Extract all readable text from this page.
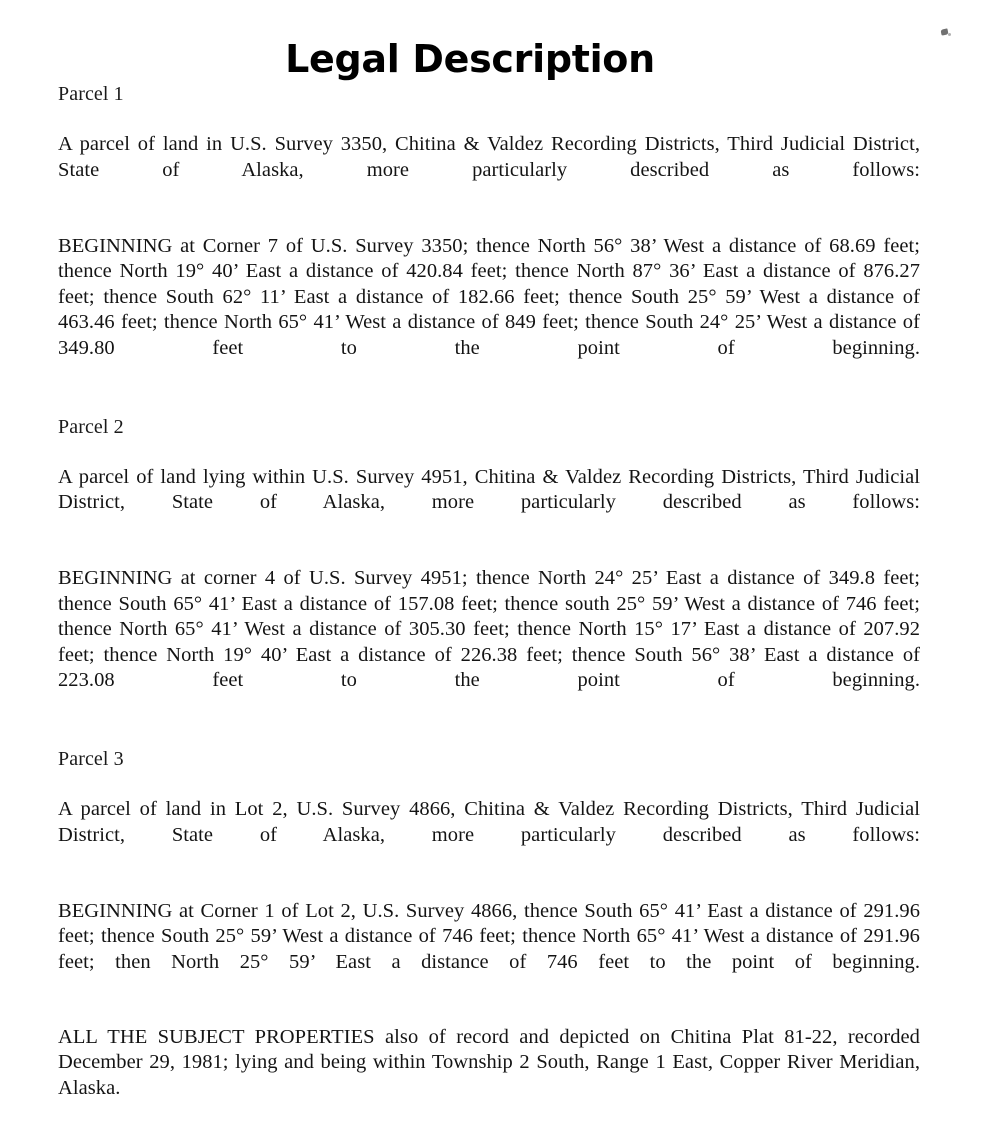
Legal Description
Parcel 1
A parcel of land in U.S. Survey 3350, Chitina & Valdez Recording Districts, Third Judicial District, State of Alaska, more particularly described as follows:
BEGINNING at Corner 7 of U.S. Survey 3350; thence North 56° 38’ West a distance of 68.69 feet; thence North 19° 40’ East a distance of 420.84 feet; thence North 87° 36’ East a distance of 876.27 feet; thence South 62° 11’ East a distance of 182.66 feet; thence South 25° 59’ West a distance of 463.46 feet; thence North 65° 41’ West a distance of 849 feet; thence South 24° 25’ West a distance of 349.80 feet to the point of beginning.
Parcel 2
A parcel of land lying within U.S. Survey 4951, Chitina & Valdez Recording Districts, Third Judicial District, State of Alaska, more particularly described as follows:
BEGINNING at corner 4 of U.S. Survey 4951; thence North 24° 25’ East a distance of 349.8 feet; thence South 65° 41’ East a distance of 157.08 feet; thence south 25° 59’ West a distance of 746 feet; thence North 65° 41’ West a distance of 305.30 feet; thence North 15° 17’ East a distance of 207.92 feet; thence North 19° 40’ East a distance of 226.38 feet; thence South 56° 38’ East a distance of 223.08 feet to the point of beginning.
Parcel 3
A parcel of land in Lot 2, U.S. Survey 4866, Chitina & Valdez Recording Districts, Third Judicial District, State of Alaska, more particularly described as follows:
BEGINNING at Corner 1 of Lot 2, U.S. Survey 4866, thence South 65° 41’ East a distance of 291.96 feet; thence South 25° 59’ West a distance of 746 feet; thence North 65° 41’ West a distance of 291.96 feet; then North 25° 59’ East a distance of 746 feet to the point of beginning.
ALL THE SUBJECT PROPERTIES also of record and depicted on Chitina Plat 81-22, recorded December 29, 1981; lying and being within Township 2 South, Range 1 East, Copper River Meridian, Alaska.
